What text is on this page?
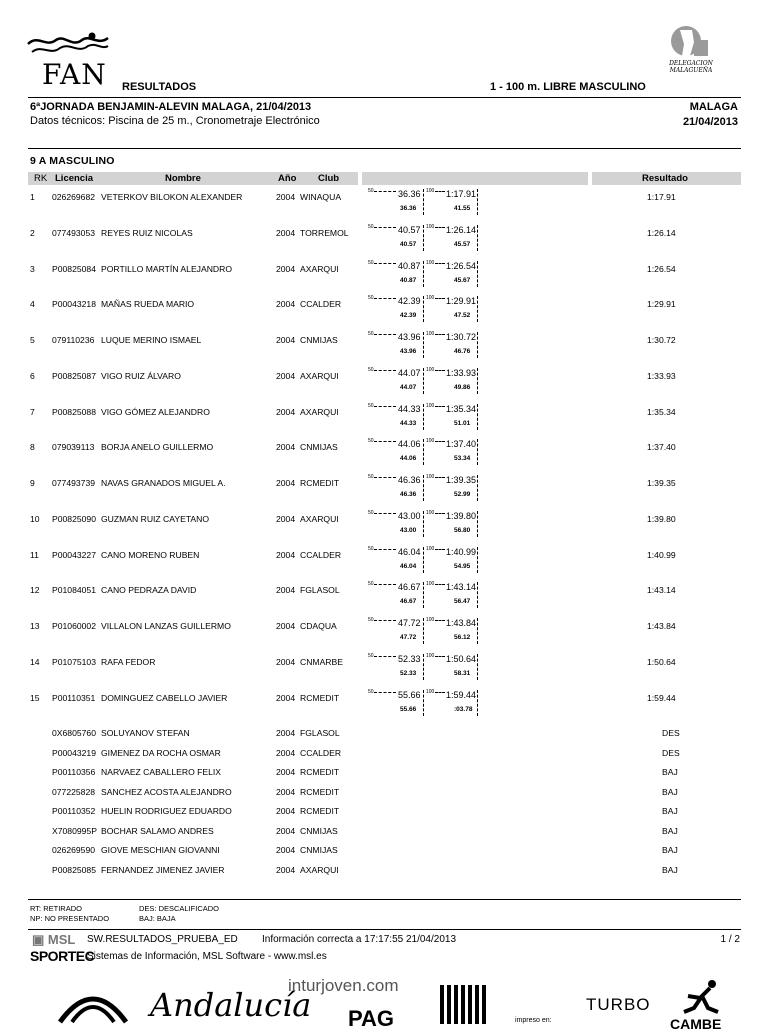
FAN	DELEGACION MALAGUEÑA
RESULTADOS	1 - 100 m. LIBRE MASCULINO
6ªJORNADA BENJAMIN-ALEVIN MALAGA, 21/04/2013	MALAGA
Datos técnicos: Piscina de 25 m., Cronometraje Electrónico	21/04/2013
9 A MASCULINO
RK Licencia	Nombre	Año Club	Resultado
1 026269682 VETERKOV BILOKON ALEXANDER	2004 WINAQUA	1:17.91
50	36.36 100 1:17.91
36.36	41.55
2 077493053 REYES RUIZ NICOLAS	2004 TORREMOL	1:26.14
50	40.57 100 1:26.14
40.57	45.57
3 P00825084 PORTILLO MARTÍN ALEJANDRO	2004 AXARQUI	1:26.54
50	40.87 100 1:26.54
40.87	45.67
4 P00043218 MAÑAS RUEDA MARIO	2004 CCALDER	1:29.91
50	42.39 100 1:29.91
42.39	47.52
5 079110236 LUQUE MERINO ISMAEL	2004 CNMIJAS	1:30.72
50	43.96 100 1:30.72
43.96	46.76
6 P00825087 VIGO RUIZ ÁLVARO	2004 AXARQUI	1:33.93
50	44.07 100 1:33.93
44.07	49.86
7 P00825088 VIGO GÓMEZ ALEJANDRO	2004 AXARQUI	1:35.34
50	44.33 100 1:35.34
44.33	51.01
8 079039113 BORJA ANELO GUILLERMO	2004 CNMIJAS	1:37.40
50	44.06 100 1:37.40
44.06	53.34
9 077493739 NAVAS GRANADOS MIGUEL A.	2004 RCMEDIT	1:39.35
50	46.36 100 1:39.35
46.36	52.99
10 P00825090 GUZMAN RUIZ CAYETANO	2004 AXARQUI	1:39.80
50	43.00 100 1:39.80
43.00	56.80
11 P00043227 CANO MORENO RUBEN	2004 CCALDER	1:40.99
50	46.04 100 1:40.99
46.04	54.95
12 P01084051 CANO PEDRAZA DAVID	2004 FGLASOL	1:43.14
50	46.67 100 1:43.14
46.67	56.47
13 P01060002 VILLALON LANZAS GUILLERMO	2004 CDAQUA	1:43.84
50	47.72 100 1:43.84
47.72	56.12
14 P01075103 RAFA FEDOR	2004 CNMARBE	1:50.64
50	52.33 100 1:50.64
52.33	58.31
15 P00110351 DOMINGUEZ CABELLO JAVIER	2004 RCMEDIT	1:59.44
50	55.66 100 1:59.44
55.66	:03.78
0X6805760 SOLUYANOV STEFAN	2004 FGLASOL	DES
P00043219 GIMENEZ DA ROCHA OSMAR	2004 CCALDER	DES
P00110356 NARVAEZ CABALLERO FELIX	2004 RCMEDIT	BAJ
077225828 SANCHEZ ACOSTA ALEJANDRO	2004 RCMEDIT	BAJ
P00110352 HUELIN RODRIGUEZ EDUARDO	2004 RCMEDIT	BAJ
X7080995P BOCHAR SALAMO ANDRES	2004 CNMIJAS	BAJ
026269590 GIOVE MESCHIAN GIOVANNI	2004 CNMIJAS	BAJ
P00825085 FERNANDEZ JIMENEZ JAVIER	2004 AXARQUI	BAJ
RT: RETIRADO
NP: NO PRESENTADO
DES: DESCALIFICADO
BAJ: BAJA
▣ MSL SW.RESULTADOS_PRUEBA_ED Información correcta a 17:17:55 21/04/2013	1 / 2
SPORTEC
Sistemas de Información, MSL Software - www.msl.es
Andalucía
inturjoven.com
PAG	impreso en:
TURBO
CAMBE
